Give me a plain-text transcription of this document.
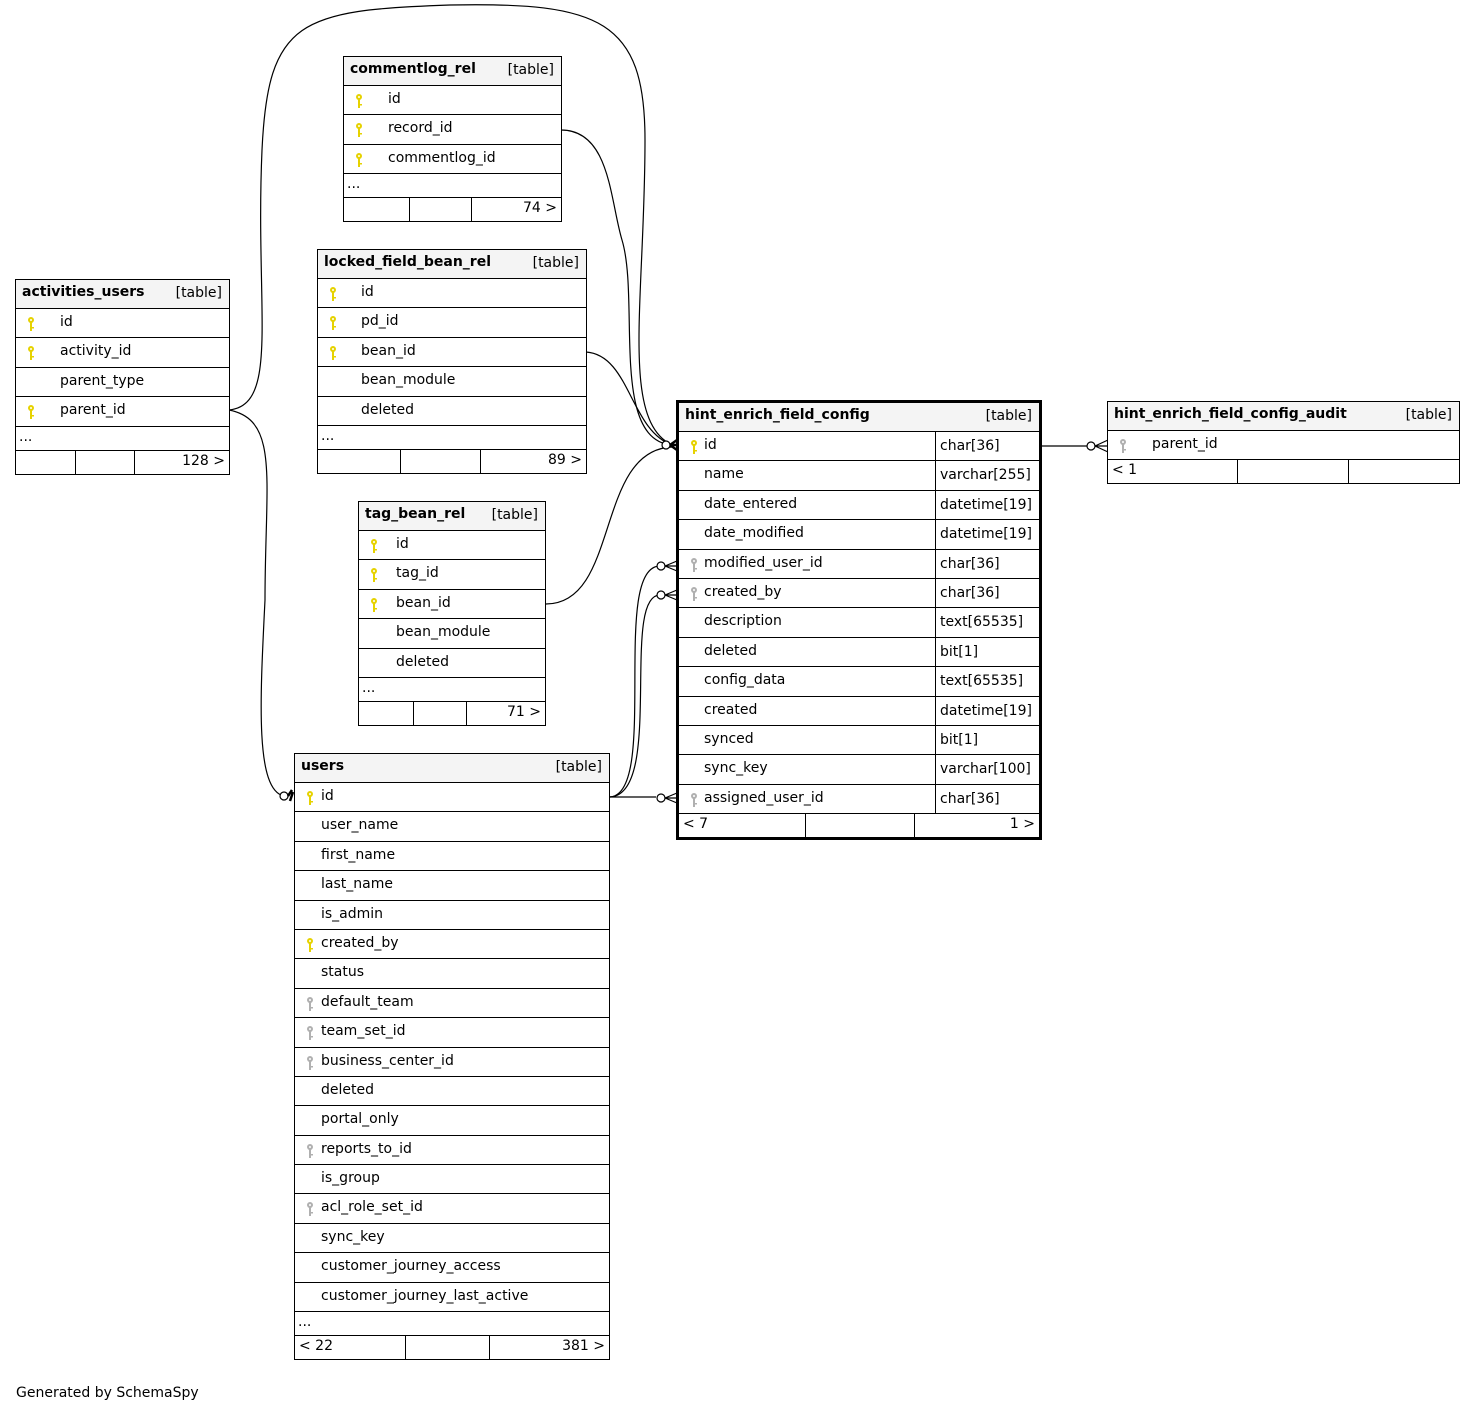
commentlog_rel [table]
id
record_id
commentlog_id
...
74 >
locked_field_bean_rel	[table]
id
pd_id
bean_id
bean_module
deleted
...
89 >
activities_users [table]
id
activity_id
parent_type
parent_id
...
128 >
tag_bean_rel [table]
id
tag_id
bean_id
bean_module
deleted
...
71 >
hint_enrich_field_config	[table]
id	char[36]
name	varchar[255]
date_entered	datetime[19]
date_modified	datetime[19]
modified_user_id	char[36]
created_by	char[36]
description	text[65535]
deleted	bit[1]
config_data	text[65535]
created	datetime[19]
synced	bit[1]
sync_key	varchar[100]
assigned_user_id	char[36]
< 7	1 >
hint_enrich_field_config_audit	[table]
parent_id
< 1
users	[table]
id
user_name
first_name
last_name
is_admin
created_by
status
default_team
team_set_id
business_center_id
deleted
portal_only
reports_to_id
is_group
acl_role_set_id
sync_key
customer_journey_access
customer_journey_last_active
...
< 22	381 >
Generated by SchemaSpy
